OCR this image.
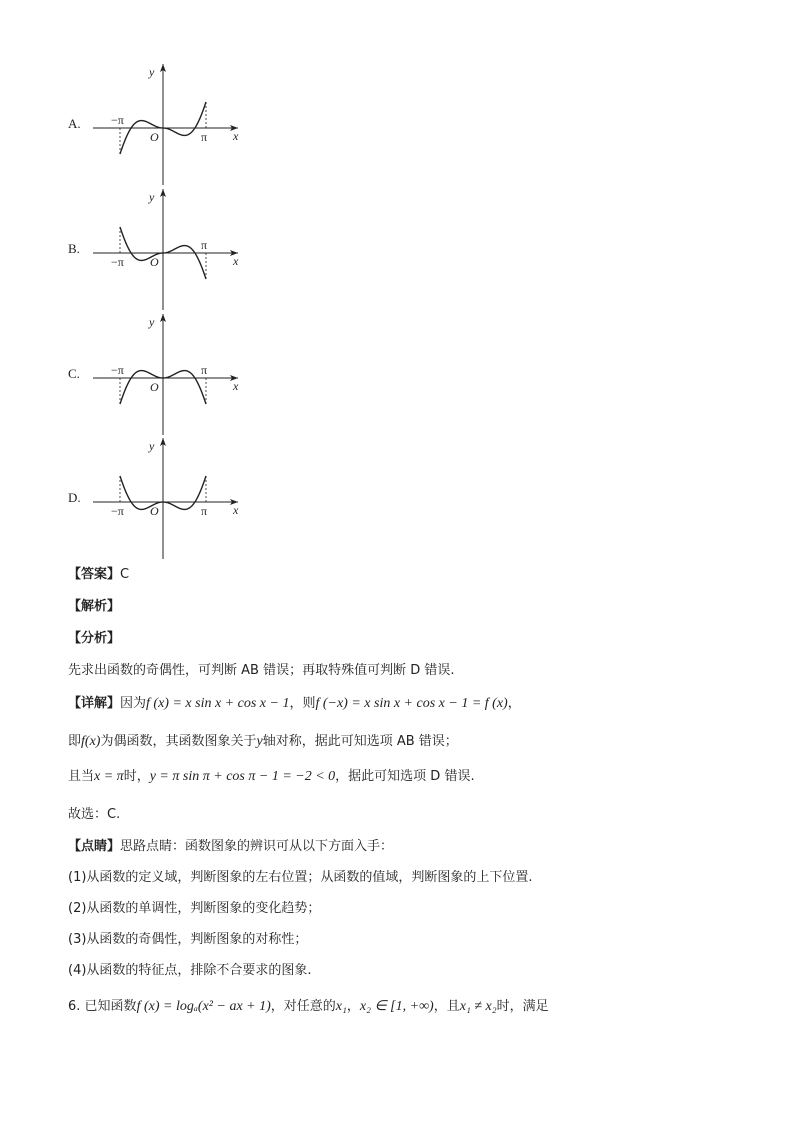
A.	−π
π
O	x
y
B.
−π
π
O	x
y
C.	−π	π
O	x
y
D.
−π	π
O	x
y
【答案】C
【解析】
【分析】
先求出函数的奇偶性，可判断 AB 错误；再取特殊值可判断 D 错误.
【详解】因为f (x) = x sin x + cos x − 1，则f (−x) = x sin x + cos x − 1 = f (x)，
即f(x)为偶函数，其函数图象关于y轴对称，据此可知选项 AB 错误；
且当x = π时，y = π sin π + cos π − 1 = −2 < 0，据此可知选项 D 错误.
故选：C.
【点睛】思路点睛：函数图象的辨识可从以下方面入手：
(1)从函数的定义域，判断图象的左右位置；从函数的值域，判断图象的上下位置.
(2)从函数的单调性，判断图象的变化趋势；
(3)从函数的奇偶性，判断图象的对称性；
(4)从函数的特征点，排除不合要求的图象.
6. 已知函数f (x) = logₐ(x² − ax + 1)，对任意的x₁，x₂ ∈ [1, +∞)，且x₁ ≠ x₂时，满足
